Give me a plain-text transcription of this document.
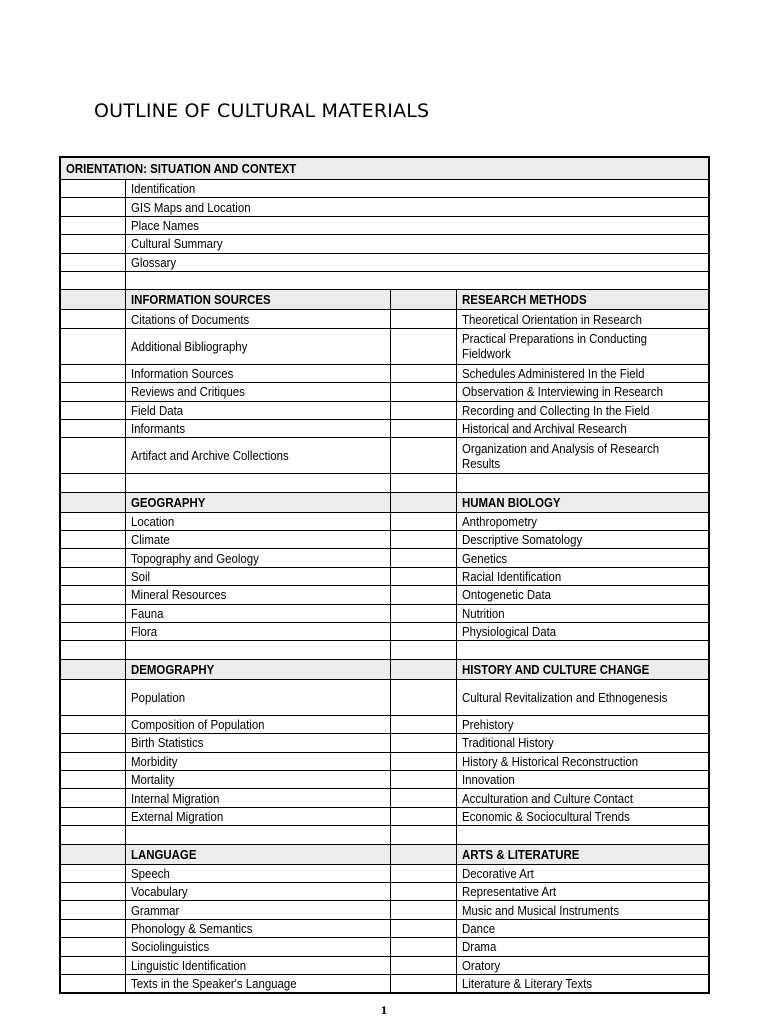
OUTLINE OF CULTURAL MATERIALS
ORIENTATION: SITUATION AND CONTEXT
Identification
GIS Maps and Location
Place Names
Cultural Summary
Glossary
INFORMATION SOURCES	RESEARCH METHODS
Citations of Documents	Theoretical Orientation in Research
Additional Bibliography	Practical Preparations in Conducting Fieldwork
Information Sources	Schedules Administered In the Field
Reviews and Critiques	Observation & Interviewing in Research
Field Data	Recording and Collecting In the Field
Informants	Historical and Archival Research
Artifact and Archive Collections	Organization and Analysis of Research Results
GEOGRAPHY	HUMAN BIOLOGY
Location	Anthropometry
Climate	Descriptive Somatology
Topography and Geology	Genetics
Soil	Racial Identification
Mineral Resources	Ontogenetic Data
Fauna	Nutrition
Flora	Physiological Data
DEMOGRAPHY	HISTORY AND CULTURE CHANGE
Population	Cultural Revitalization and Ethnogenesis
Composition of Population	Prehistory
Birth Statistics	Traditional History
Morbidity	History & Historical Reconstruction
Mortality	Innovation
Internal Migration	Acculturation and Culture Contact
External Migration	Economic & Sociocultural Trends
LANGUAGE	ARTS & LITERATURE
Speech	Decorative Art
Vocabulary	Representative Art
Grammar	Music and Musical Instruments
Phonology & Semantics	Dance
Sociolinguistics	Drama
Linguistic Identification	Oratory
Texts in the Speaker's Language	Literature & Literary Texts
1
